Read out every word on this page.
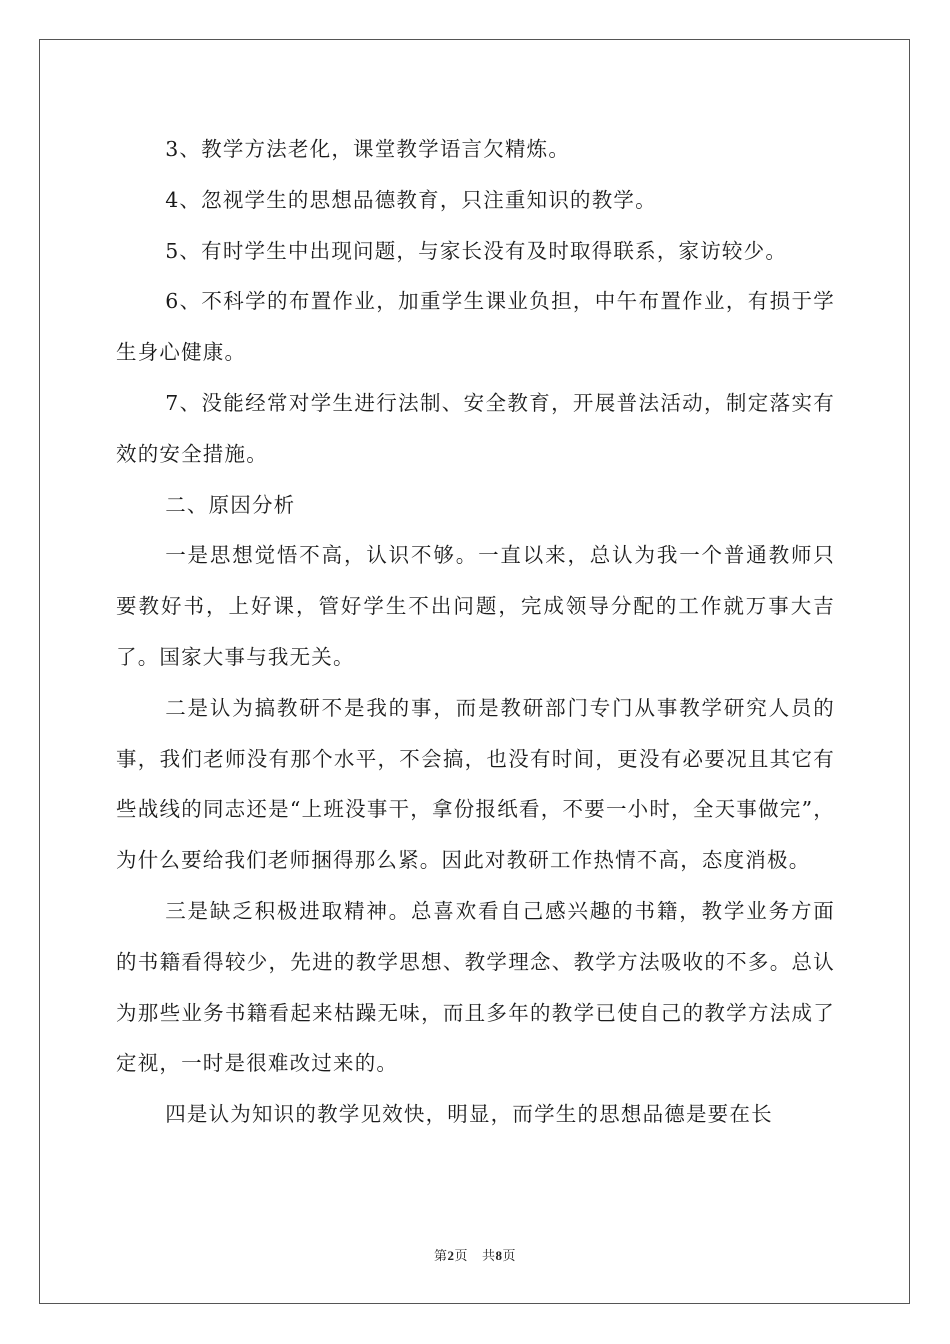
3、教学方法老化，课堂教学语言欠精炼。

4、忽视学生的思想品德教育，只注重知识的教学。

5、有时学生中出现问题，与家长没有及时取得联系，家访较少。

6、不科学的布置作业，加重学生课业负担，中午布置作业，有损于学生身心健康。

7、没能经常对学生进行法制、安全教育，开展普法活动，制定落实有效的安全措施。

二、原因分析

一是思想觉悟不高，认识不够。一直以来，总认为我一个普通教师只要教好书，上好课，管好学生不出问题，完成领导分配的工作就万事大吉了。国家大事与我无关。

二是认为搞教研不是我的事，而是教研部门专门从事教学研究人员的事，我们老师没有那个水平，不会搞，也没有时间，更没有必要况且其它有些战线的同志还是“上班没事干，拿份报纸看，不要一小时，全天事做完”，为什么要给我们老师捆得那么紧。因此对教研工作热情不高，态度消极。

三是缺乏积极进取精神。总喜欢看自己感兴趣的书籍，教学业务方面的书籍看得较少，先进的教学思想、教学理念、教学方法吸收的不多。总认为那些业务书籍看起来枯躁无味，而且多年的教学已使自己的教学方法成了定视，一时是很难改过来的。

四是认为知识的教学见效快，明显，而学生的思想品德是要在长

第2页 共8页
